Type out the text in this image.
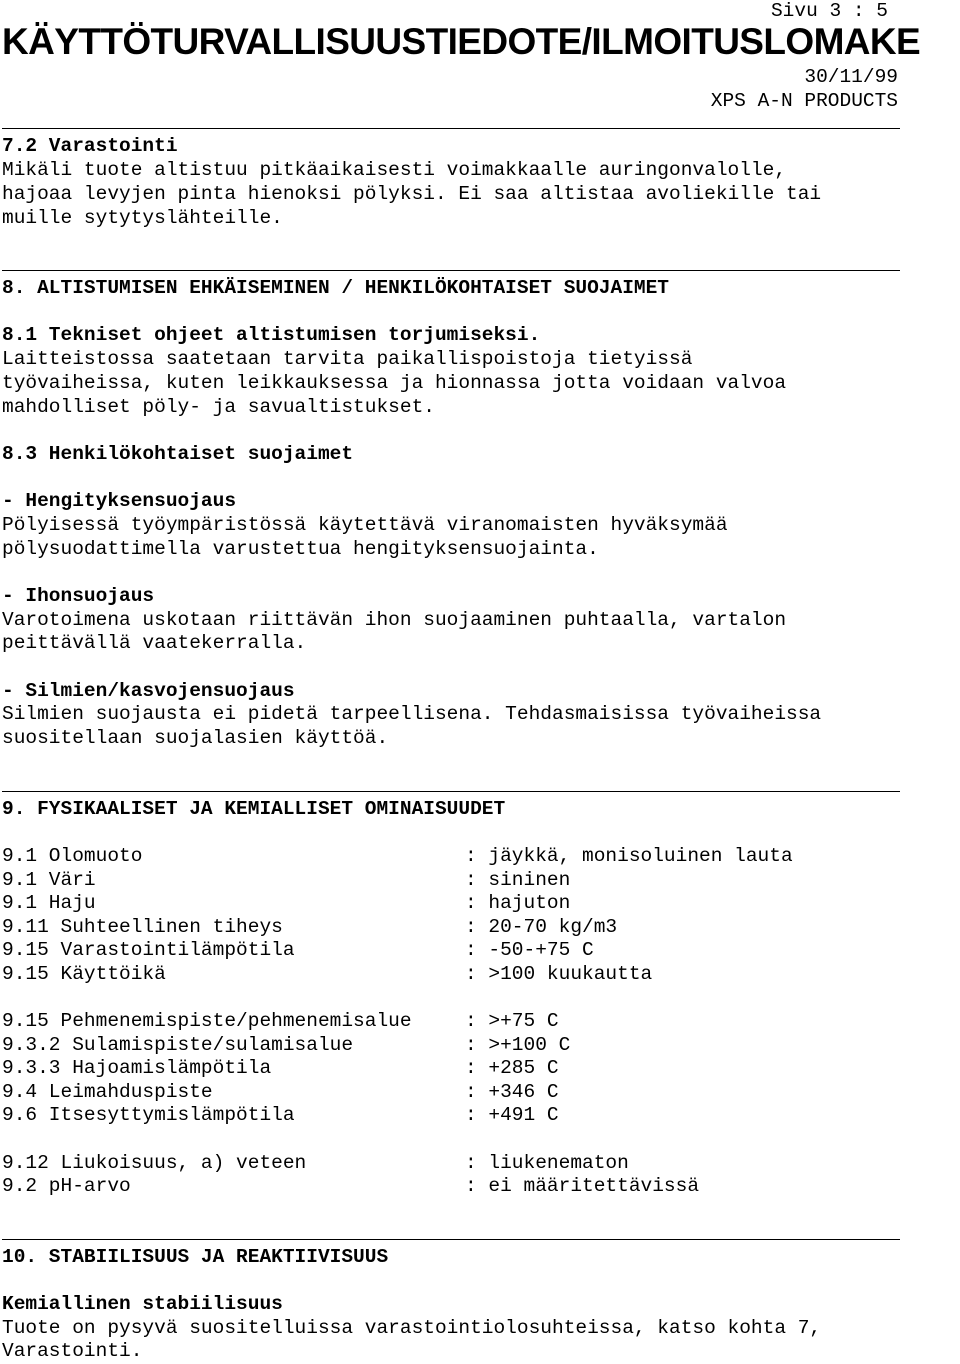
Sivu 3 : 5
KÄYTTÖTURVALLISUUSTIEDOTE/ILMOITUSLOMAKE
30/11/99
XPS A-N PRODUCTS
7.2 Varastointi
Mikäli tuote altistuu pitkäaikaisesti voimakkaalle auringonvalolle,
hajoaa levyjen pinta hienoksi pölyksi. Ei saa altistaa avoliekille tai
muille sytytyslähteille.
8. ALTISTUMISEN EHKÄISEMINEN / HENKILÖKOHTAISET SUOJAIMET
8.1 Tekniset ohjeet altistumisen torjumiseksi.
Laitteistossa saatetaan tarvita paikallispoistoja tietyissä
työvaiheissa, kuten leikkauksessa ja hionnassa jotta voidaan valvoa
mahdolliset pöly- ja savualtistukset.
8.3 Henkilökohtaiset suojaimet
- Hengityksensuojaus
Pölyisessä työympäristössä käytettävä viranomaisten hyväksymää
pölysuodattimella varustettua hengityksensuojainta.
- Ihonsuojaus
Varotoimena uskotaan riittävän ihon suojaaminen puhtaalla, vartalon
peittävällä vaatekerralla.
- Silmien/kasvojensuojaus
Silmien suojausta ei pidetä tarpeellisena. Tehdasmaisissa työvaiheissa
suositellaan suojalasien käyttöä.
9. FYSIKAALISET JA KEMIALLISET OMINAISUUDET
9.1 Olomuoto	: jäykkä, monisoluinen lauta
9.1 Väri	: sininen
9.1 Haju	: hajuton
9.11 Suhteellinen tiheys	: 20-70 kg/m3
9.15 Varastointilämpötila	: -50-+75 C
9.15 Käyttöikä	: >100 kuukautta
9.15 Pehmenemispiste/pehmenemisalue	: >+75 C
9.3.2 Sulamispiste/sulamisalue	: >+100 C
9.3.3 Hajoamislämpötila	: +285 C
9.4 Leimahduspiste	: +346 C
9.6 Itsesyttymislämpötila	: +491 C
9.12 Liukoisuus, a) veteen	: liukenematon
9.2 pH-arvo	: ei määritettävissä
10. STABIILISUUS JA REAKTIIVISUUS
Kemiallinen stabiilisuus
Tuote on pysyvä suositelluissa varastointiolosuhteissa, katso kohta 7,
Varastointi.
